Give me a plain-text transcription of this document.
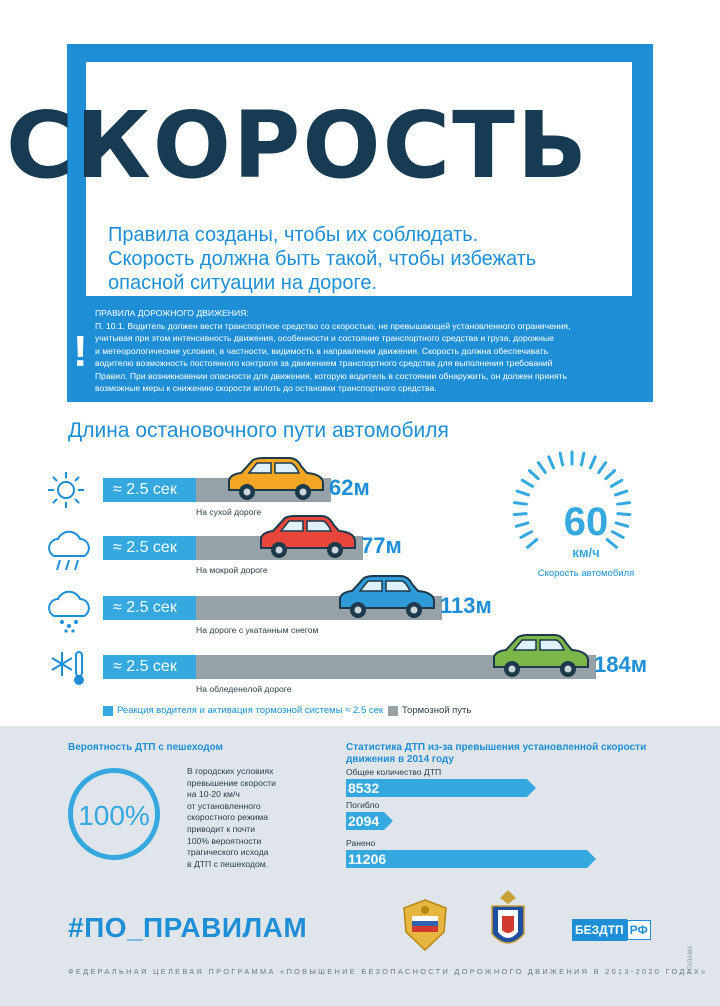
СКОРОСТЬ
Правила созданы, чтобы их соблюдать.
Скорость должна быть такой, чтобы избежать
опасной ситуации на дороге.
!
ПРАВИЛА ДОРОЖНОГО ДВИЖЕНИЯ:
П. 10.1. Водитель должен вести транспортное средство со скоростью, не превышающей установленного ограничения,
учитывая при этом интенсивность движения, особенности и состояние транспортного средства и груза, дорожные
и метеорологические условия, в частности, видимость в направлении движения. Скорость должна обеспечивать
водителю возможность постоянного контроля за движением транспортного средства для выполнения требований
Правил. При возникновении опасности для движения, которую водитель в состоянии обнаружить, он должен принять
возможные меры к снижению скорости вплоть до остановки транспортного средства.
Длина остановочного пути автомобиля
≈ 2.5 сек
На сухой дороге
62м
≈ 2.5 сек
На мокрой дороге
77м
≈ 2.5 сек
На дороге с укатанным снегом
113м
≈ 2.5 сек
На обледенелой дороге
184м
60
км/ч
Скорость автомобиля
Реакция водителя и активация тормозной системы ≈ 2.5 сек Тормозной путь
Вероятность ДТП с пешеходом
100%
В городских условиях
превышение скорости
на 10-20 км/ч
от установленного
скоростного режима
приводит к почти
100% вероятности
трагического исхода
в ДТП с пешеходом.
Статистика ДТП из-за превышения установленной скорости
движения в 2014 году
Общее количество ДТП
8532
Погибло
2094
Ранено
11206
#ПО_ПРАВИЛАМ	БЕЗДТП РФ
ФЕДЕРАЛЬНАЯ ЦЕЛЕВАЯ ПРОГРАММА «ПОВЫШЕНИЕ БЕЗОПАСНОСТИ ДОРОЖНОГО ДВИЖЕНИЯ В 2013-2020 ГОДАХ»
РЕКЛАМА
